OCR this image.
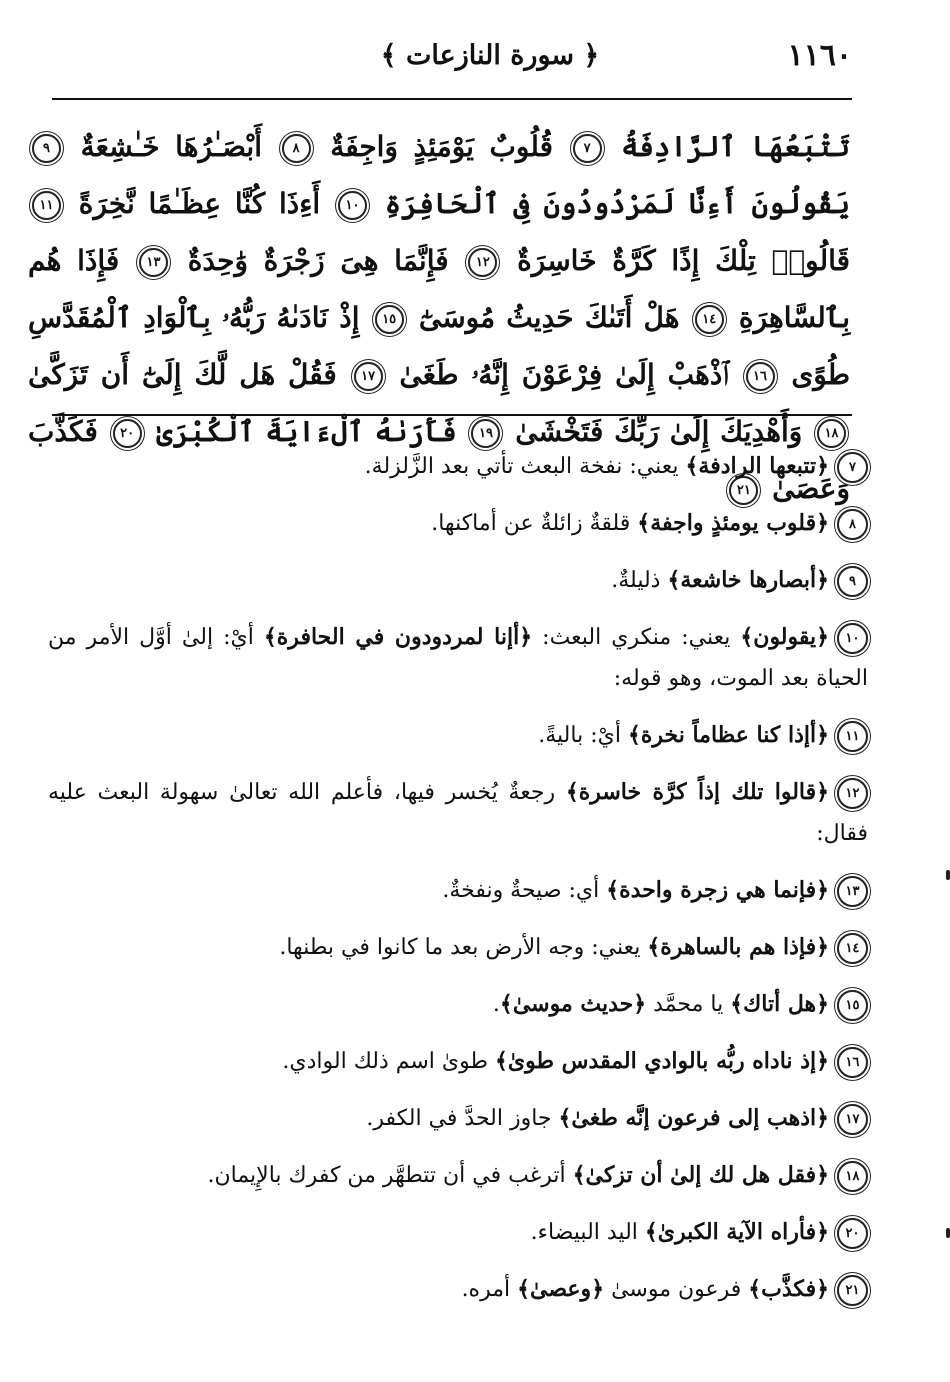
١١٦٠
﴿ سورة النازعات ﴾
تَتْبَعُهَا ٱلرَّادِفَةُ ٧ قُلُوبٌ يَوْمَئِذٍ وَاجِفَةٌ ٨ أَبْصَـٰرُهَا خَـٰشِعَةٌ ٩ يَقُولُونَ أَءِنَّا لَمَرْدُودُونَ فِى ٱلْحَافِرَةِ ١٠ أَءِذَا كُنَّا عِظَـٰمًا نَّخِرَةً ١١ قَالُوا۟ تِلْكَ إِذًا كَرَّةٌ خَاسِرَةٌ ١٢ فَإِنَّمَا هِىَ زَجْرَةٌ وَٰحِدَةٌ ١٣ فَإِذَا هُم بِٱلسَّاهِرَةِ ١٤ هَلْ أَتَىٰكَ حَدِيثُ مُوسَىٰٓ ١٥ إِذْ نَادَىٰهُ رَبُّهُۥ بِٱلْوَادِ ٱلْمُقَدَّسِ طُوًى ١٦ ٱذْهَبْ إِلَىٰ فِرْعَوْنَ إِنَّهُۥ طَغَىٰ ١٧ فَقُلْ هَل لَّكَ إِلَىٰٓ أَن تَزَكَّىٰ ١٨ وَأَهْدِيَكَ إِلَىٰ رَبِّكَ فَتَخْشَىٰ ١٩ فَأَرَىٰهُ ٱلْءَايَةَ ٱلْكُبْرَىٰ ٢٠ فَكَذَّبَ وَعَصَىٰ ٢١
٧﴿تتبعها الرادفة﴾ يعني: نفخة البعث تأتي بعد الزَّلزلة.
٨﴿قلوب يومئذٍ واجفة﴾ قلقةٌ زائلةٌ عن أماكنها.
٩﴿أبصارها خاشعة﴾ ذليلةٌ.
١٠﴿يقولون﴾ يعني: منكري البعث: ﴿أإنا لمردودون في الحافرة﴾ أيْ: إلىٰ أوَّل الأمر من الحياة بعد الموت، وهو قوله:
١١﴿أإذا كنا عظاماً نخرة﴾ أيْ: باليةً.
١٢﴿قالوا تلك إذاً كرَّة خاسرة﴾ رجعةٌ يُخسر فيها، فأعلم الله تعالىٰ سهولة البعث عليه فقال:
١٣﴿فإنما هي زجرة واحدة﴾ أي: صيحةٌ ونفخةٌ.
١٤﴿فإذا هم بالساهرة﴾ يعني: وجه الأرض بعد ما كانوا في بطنها.
١٥﴿هل أتاك﴾ يا محمَّد ﴿حديث موسىٰ﴾.
١٦﴿إذ ناداه ربُّه بالوادي المقدس طوىٰ﴾ طوىٰ اسم ذلك الوادي.
١٧﴿اذهب إلى فرعون إنَّه طغىٰ﴾ جاوز الحدَّ في الكفر.
١٨﴿فقل هل لك إلىٰ أن تزكىٰ﴾ أترغب في أن تتطهَّر من كفرك بالإِيمان.
٢٠﴿فأراه الآية الكبرىٰ﴾ اليد البيضاء.
٢١﴿فكذَّب﴾ فرعون موسىٰ ﴿وعصىٰ﴾ أمره.
